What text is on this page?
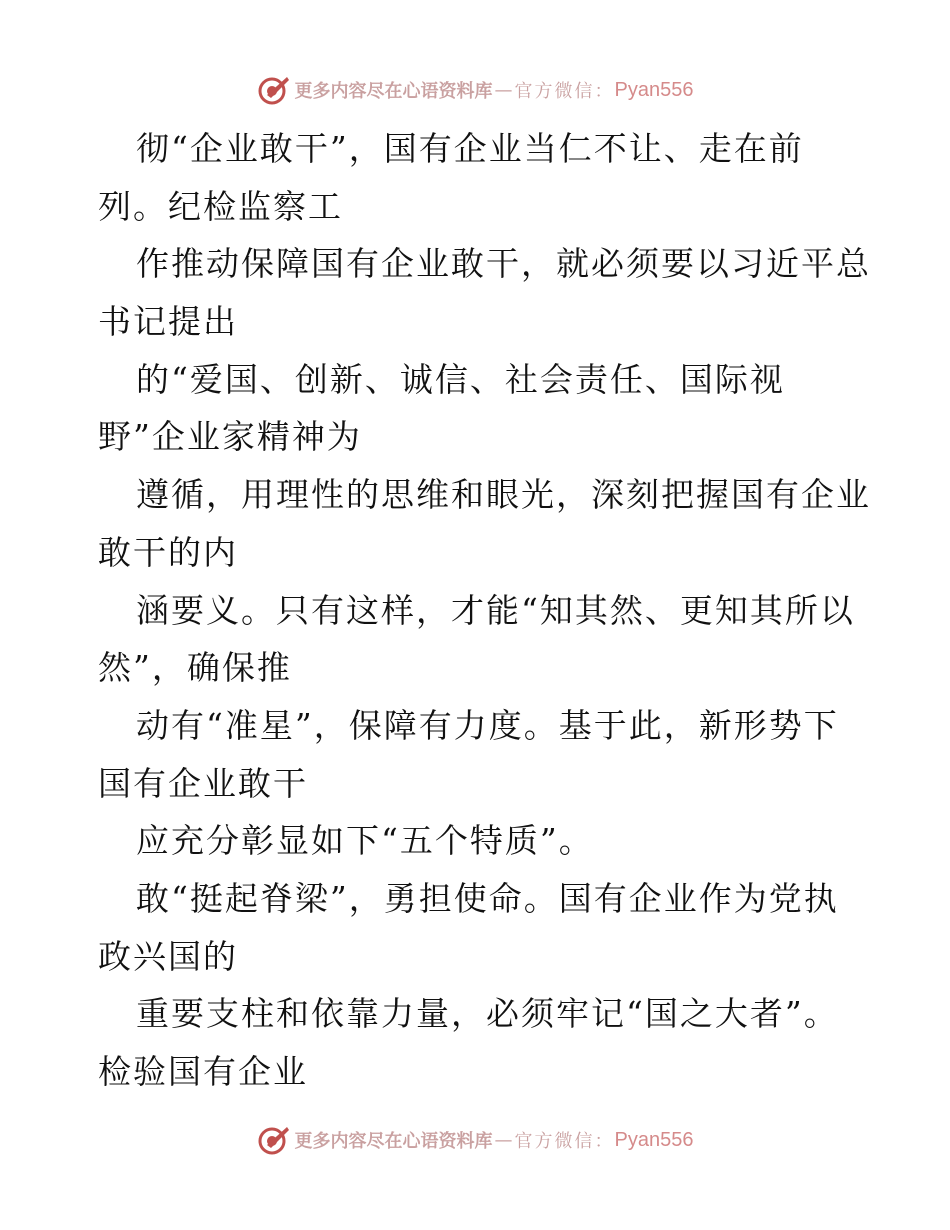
更多内容尽在心语资料库 — 官方微信： Pyan556
彻“企业敢干”，国有企业当仁不让、走在前
列。纪检监察工
作推动保障国有企业敢干，就必须要以习近平总
书记提出
的“爱国、创新、诚信、社会责任、国际视
野”企业家精神为
遵循，用理性的思维和眼光，深刻把握国有企业
敢干的内
涵要义。只有这样，才能“知其然、更知其所以
然”，确保推
动有“准星”，保障有力度。基于此，新形势下
国有企业敢干
应充分彰显如下“五个特质”。
敢“挺起脊梁”，勇担使命。国有企业作为党执
政兴国的
重要支柱和依靠力量，必须牢记“国之大者”。
检验国有企业
更多内容尽在心语资料库 — 官方微信： Pyan556
